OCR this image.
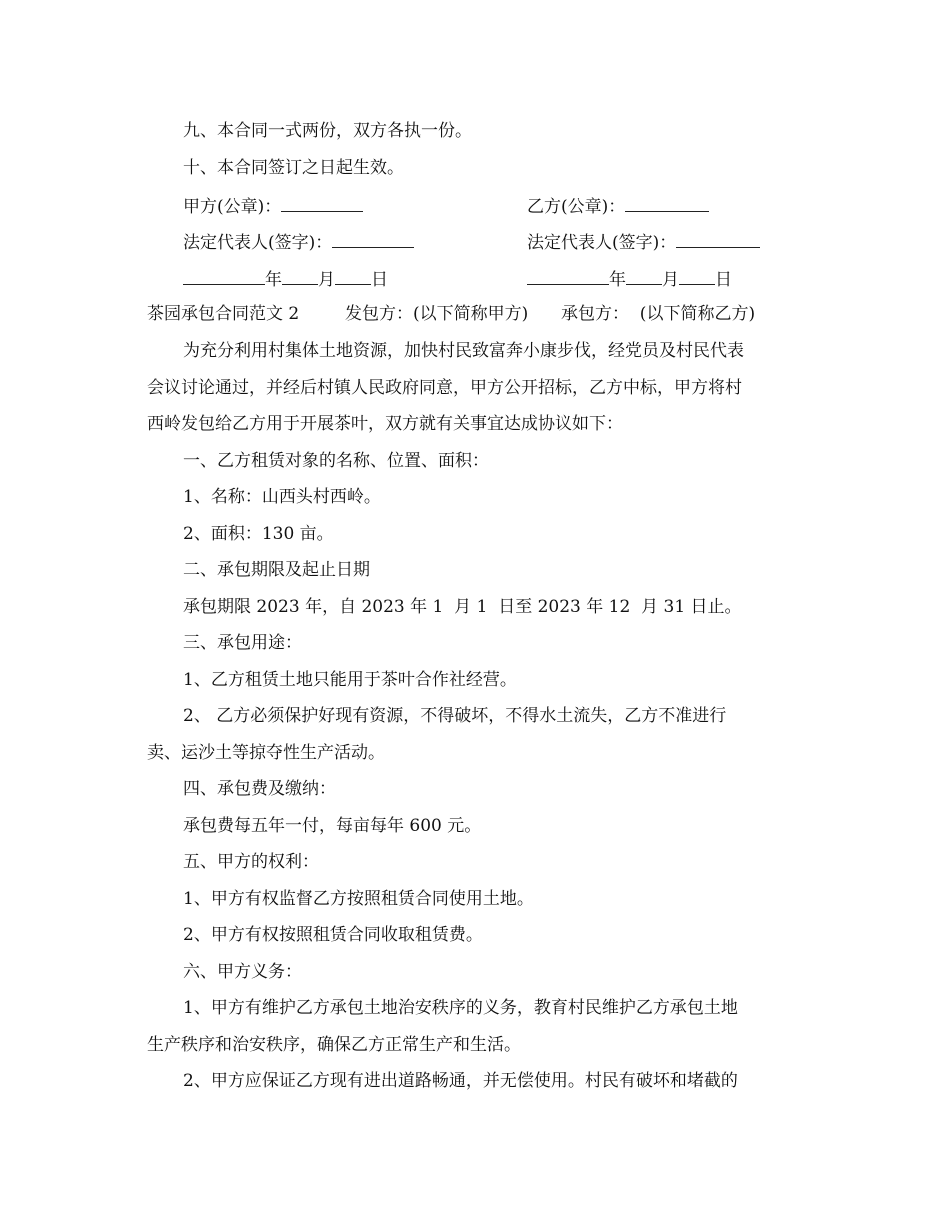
九、本合同一式两份，双方各执一份。
十、本合同签订之日起生效。
甲方(公章)：	乙方(公章)：
法定代表人(签字)：	法定代表人(签字)：
年 月 日	年 月 日
茶园承包合同范文 2	发包方：(以下简称甲方) 承包方：  (以下简称乙方)
为充分利用村集体土地资源，加快村民致富奔小康步伐，经党员及村民代表
会议讨论通过，并经后村镇人民政府同意，甲方公开招标，乙方中标，甲方将村
西岭发包给乙方用于开展茶叶，双方就有关事宜达成协议如下：
一、乙方租赁对象的名称、位置、面积：
1、名称：山西头村西岭。
2、面积：130 亩。
二、承包期限及起止日期
承包期限 2023 年，自 2023 年 1  月 1  日至 2023 年 12  月 31 日止。
三、承包用途：
1、乙方租赁土地只能用于茶叶合作社经营。
2、 乙方必须保护好现有资源，不得破坏，不得水土流失，乙方不准进行
卖、运沙土等掠夺性生产活动。
四、承包费及缴纳：
承包费每五年一付，每亩每年 600 元。
五、甲方的权利：
1、甲方有权监督乙方按照租赁合同使用土地。
2、甲方有权按照租赁合同收取租赁费。
六、甲方义务：
1、甲方有维护乙方承包土地治安秩序的义务，教育村民维护乙方承包土地
生产秩序和治安秩序，确保乙方正常生产和生活。
2、甲方应保证乙方现有进出道路畅通，并无偿使用。村民有破坏和堵截的
